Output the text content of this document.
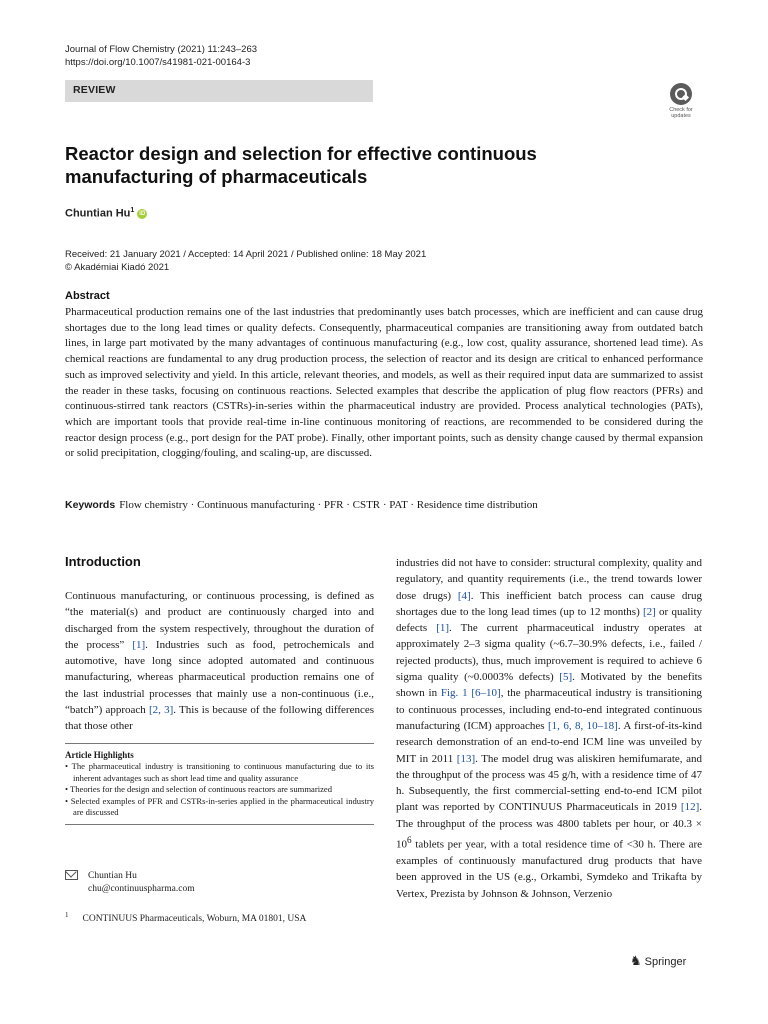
Journal of Flow Chemistry (2021) 11:243–263
https://doi.org/10.1007/s41981-021-00164-3
REVIEW
Check for updates
Reactor design and selection for effective continuous manufacturing of pharmaceuticals
Chuntian Hu$^1$ iD
Received: 21 January 2021 / Accepted: 14 April 2021 / Published online: 18 May 2021
© Akadémiai Kiadó 2021
Abstract
Pharmaceutical production remains one of the last industries that predominantly uses batch processes, which are inefficient and can cause drug shortages due to the long lead times or quality defects. Consequently, pharmaceutical companies are transitioning away from outdated batch lines, in large part motivated by the many advantages of continuous manufacturing (e.g., low cost, quality assurance, shortened lead time). As chemical reactions are fundamental to any drug production process, the selection of reactor and its design are critical to enhanced performance such as improved selectivity and yield. In this article, relevant theories, and models, as well as their required input data are summarized to assist the reader in these tasks, focusing on continuous reactions. Selected examples that describe the application of plug flow reactors (PFRs) and continuous-stirred tank reactors (CSTRs)-in-series within the pharmaceutical industry are provided. Process analytical technologies (PATs), which are important tools that provide real-time in-line continuous monitoring of reactions, are recommended to be considered during the reactor design process (e.g., port design for the PAT probe). Finally, other important points, such as density change caused by thermal expansion or solid precipitation, clogging/fouling, and scaling-up, are discussed.
Keywords Flow chemistry · Continuous manufacturing · PFR · CSTR · PAT · Residence time distribution
Introduction
Continuous manufacturing, or continuous processing, is defined as “the material(s) and product are continuously charged into and discharged from the system respectively, throughout the duration of the process” [1]. Industries such as food, petrochemicals and automotive, have long since adopted automated and continuous manufacturing, whereas pharmaceutical production remains one of the last industrial processes that mainly use a non-continuous (i.e., “batch”) approach [2, 3]. This is because of the following differences that those other
Article Highlights
• The pharmaceutical industry is transitioning to continuous manufacturing due to its inherent advantages such as short lead time and quality assurance
• Theories for the design and selection of continuous reactors are summarized
• Selected examples of PFR and CSTRs-in-series applied in the pharmaceutical industry are discussed
Chuntian Hu
chu@continuuspharma.com
$^1$ CONTINUUS Pharmaceuticals, Woburn, MA 01801, USA
industries did not have to consider: structural complexity, quality and regulatory, and quantity requirements (i.e., the trend towards lower dose drugs) [4]. This inefficient batch process can cause drug shortages due to the long lead times (up to 12 months) [2] or quality defects [1]. The current pharmaceutical industry operates at approximately 2–3 sigma quality (~6.7–30.9% defects, i.e., failed / rejected products), thus, much improvement is required to achieve 6 sigma quality (~0.0003% defects) [5]. Motivated by the benefits shown in Fig. 1 [6–10], the pharmaceutical industry is transitioning to continuous processes, including end-to-end integrated continuous manufacturing (ICM) approaches [1, 6, 8, 10–18]. A first-of-its-kind research demonstration of an end-to-end ICM line was unveiled by MIT in 2011 [13]. The model drug was aliskiren hemifumarate, and the throughput of the process was 45 g/h, with a residence time of 47 h. Subsequently, the first commercial-setting end-to-end ICM pilot plant was reported by CONTINUUS Pharmaceuticals in 2019 [12]. The throughput of the process was 4800 tablets per hour, or $40.3 \times 10^6$ tablets per year, with a total residence time of <30 h. There are examples of continuously manufactured drug products that have been approved in the US (e.g., Orkambi, Symdeko and Trikafta by Vertex, Prezista by Johnson & Johnson, Verzenio
♞ Springer
